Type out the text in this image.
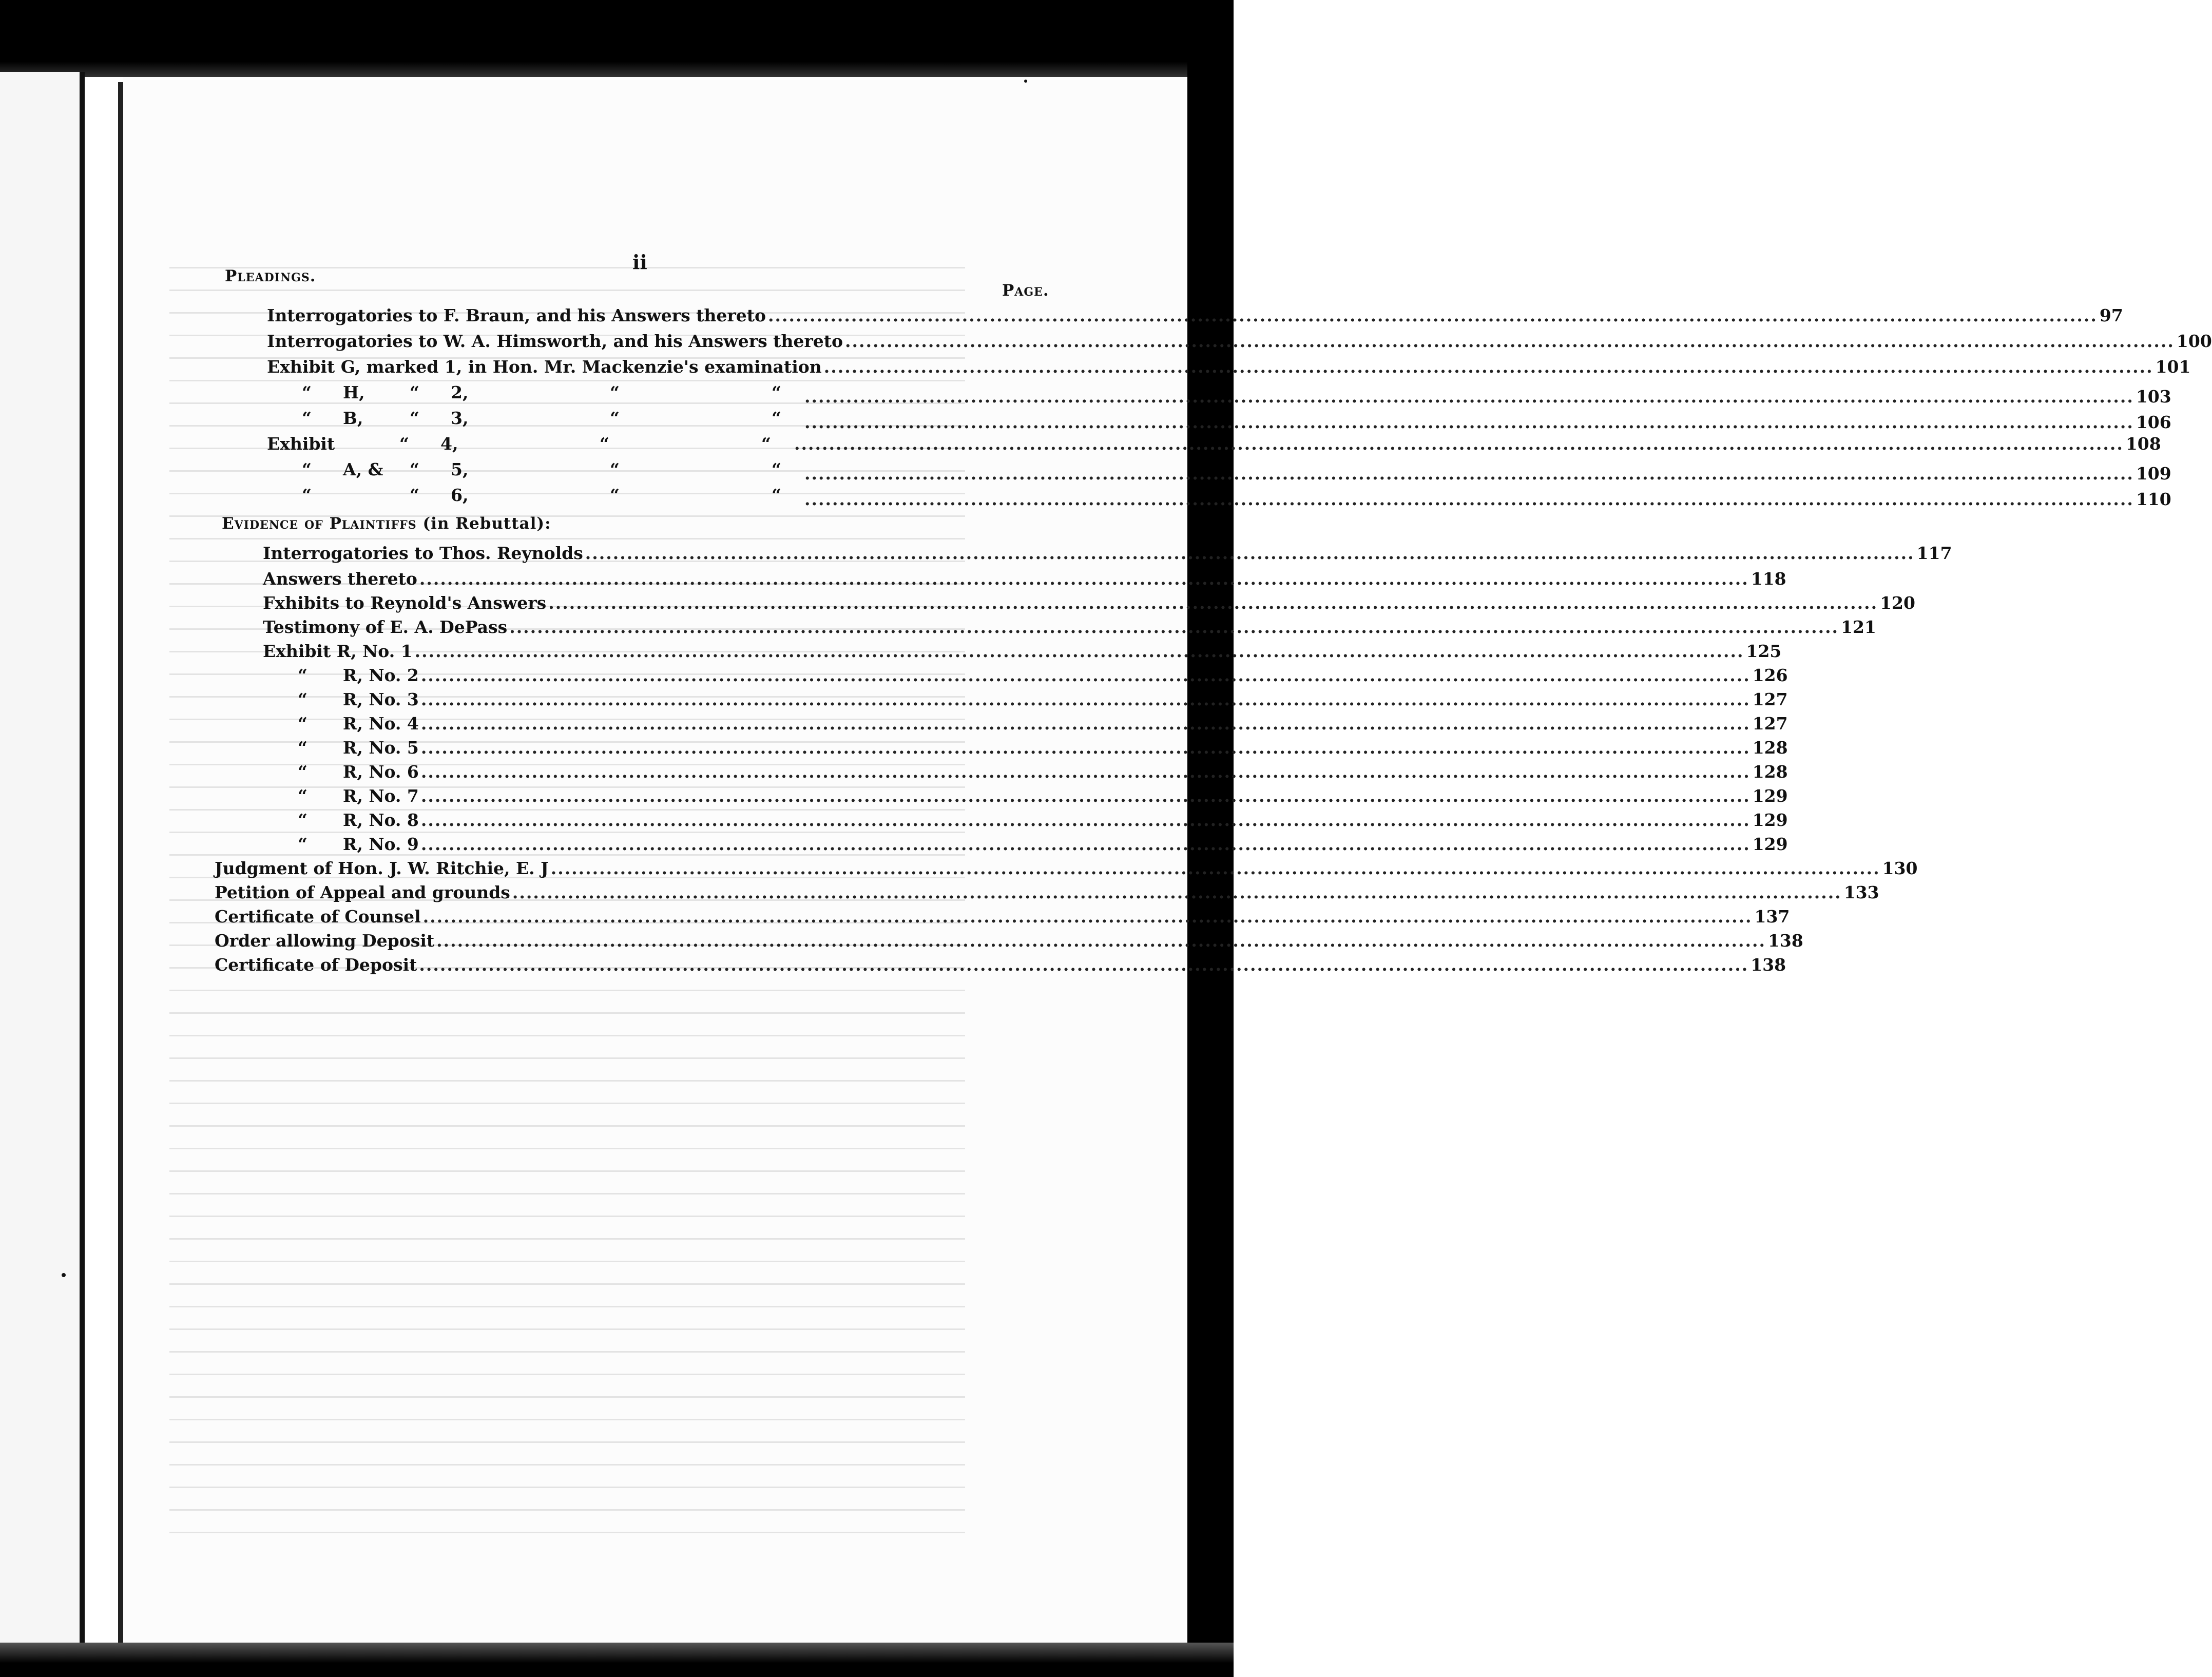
ii
Pleadings.
Page.
Evidence of Plaintiffs (in Rebuttal):
Interrogatories to F. Braun, and his Answers thereto ................................................................................................................................................................................................ 97
Interrogatories to W. A. Himsworth, and his Answers thereto ................................................................................................................................................................................................ 100
Exhibit G, marked 1, in Hon. Mr. Mackenzie's examination ................................................................................................................................................................................................ 101
“	H,	“	2,	“	“	................................................................................................................................................................................................ 103
“	B,	“	3,	“	“	................................................................................................................................................................................................ 106
Exhibit	“	4,	“	“	................................................................................................................................................................................................ 108
“	A, &	“	5,	“	“	................................................................................................................................................................................................ 109
“	“	6,	“	“	................................................................................................................................................................................................ 110
Interrogatories to Thos. Reynolds ................................................................................................................................................................................................ 117
Answers thereto ................................................................................................................................................................................................ 118
Fxhibits to Reynold's Answers ................................................................................................................................................................................................ 120
Testimony of E. A. DePass ................................................................................................................................................................................................ 121
Exhibit R, No. 1 ................................................................................................................................................................................................ 125
“      R, No. 2 ................................................................................................................................................................................................ 126
“      R, No. 3 ................................................................................................................................................................................................ 127
“      R, No. 4 ................................................................................................................................................................................................ 127
“      R, No. 5 ................................................................................................................................................................................................ 128
“      R, No. 6 ................................................................................................................................................................................................ 128
“      R, No. 7 ................................................................................................................................................................................................ 129
“      R, No. 8 ................................................................................................................................................................................................ 129
“      R, No. 9 ................................................................................................................................................................................................ 129
Judgment of Hon. J. W. Ritchie, E. J ................................................................................................................................................................................................ 130
Petition of Appeal and grounds ................................................................................................................................................................................................ 133
Certificate of Counsel ................................................................................................................................................................................................ 137
Order allowing Deposit ................................................................................................................................................................................................ 138
Certificate of Deposit ................................................................................................................................................................................................ 138
